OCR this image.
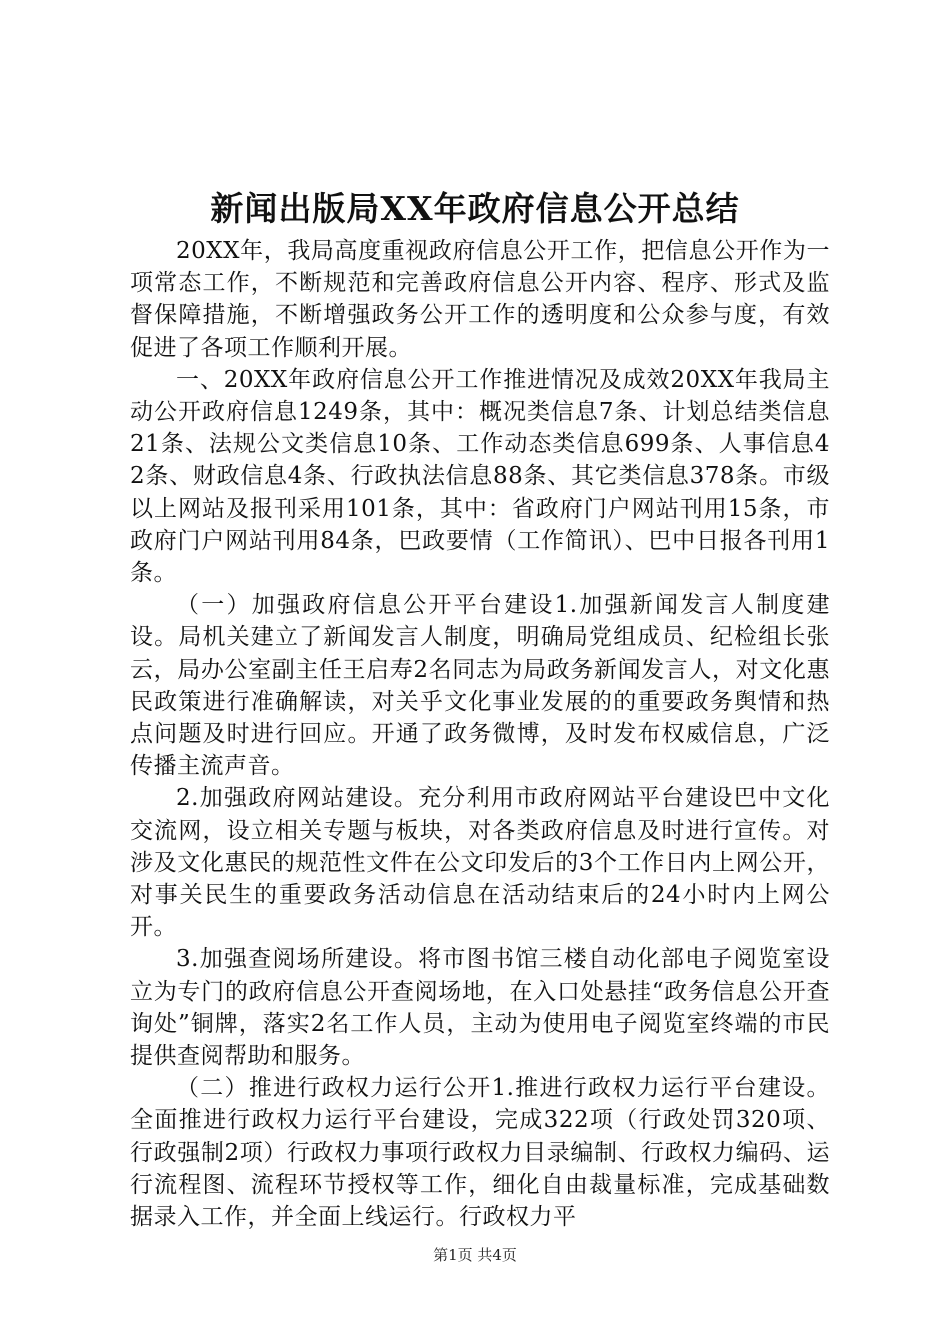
新闻出版局XX年政府信息公开总结

20XX年，我局高度重视政府信息公开工作，把信息公开作为一项常态工作，不断规范和完善政府信息公开内容、程序、形式及监督保障措施，不断增强政务公开工作的透明度和公众参与度，有效促进了各项工作顺利开展。

一、20XX年政府信息公开工作推进情况及成效20XX年我局主动公开政府信息1249条，其中：概况类信息7条、计划总结类信息21条、法规公文类信息10条、工作动态类信息699条、人事信息42条、财政信息4条、行政执法信息88条、其它类信息378条。市级以上网站及报刊采用101条，其中：省政府门户网站刊用15条，市政府门户网站刊用84条，巴政要情（工作简讯）、巴中日报各刊用1条。

（一）加强政府信息公开平台建设1.加强新闻发言人制度建设。局机关建立了新闻发言人制度，明确局党组成员、纪检组长张云，局办公室副主任王启寿2名同志为局政务新闻发言人，对文化惠民政策进行准确解读，对关乎文化事业发展的的重要政务舆情和热点问题及时进行回应。开通了政务微博，及时发布权威信息，广泛传播主流声音。

2.加强政府网站建设。充分利用市政府网站平台建设巴中文化交流网，设立相关专题与板块，对各类政府信息及时进行宣传。对涉及文化惠民的规范性文件在公文印发后的3个工作日内上网公开，对事关民生的重要政务活动信息在活动结束后的24小时内上网公开。

3.加强查阅场所建设。将市图书馆三楼自动化部电子阅览室设立为专门的政府信息公开查阅场地，在入口处悬挂“政务信息公开查询处”铜牌，落实2名工作人员，主动为使用电子阅览室终端的市民提供查阅帮助和服务。

（二）推进行政权力运行公开1.推进行政权力运行平台建设。全面推进行政权力运行平台建设，完成322项（行政处罚320项、行政强制2项）行政权力事项行政权力目录编制、行政权力编码、运行流程图、流程环节授权等工作，细化自由裁量标准，完成基础数据录入工作，并全面上线运行。行政权力平

第1页 共4页
